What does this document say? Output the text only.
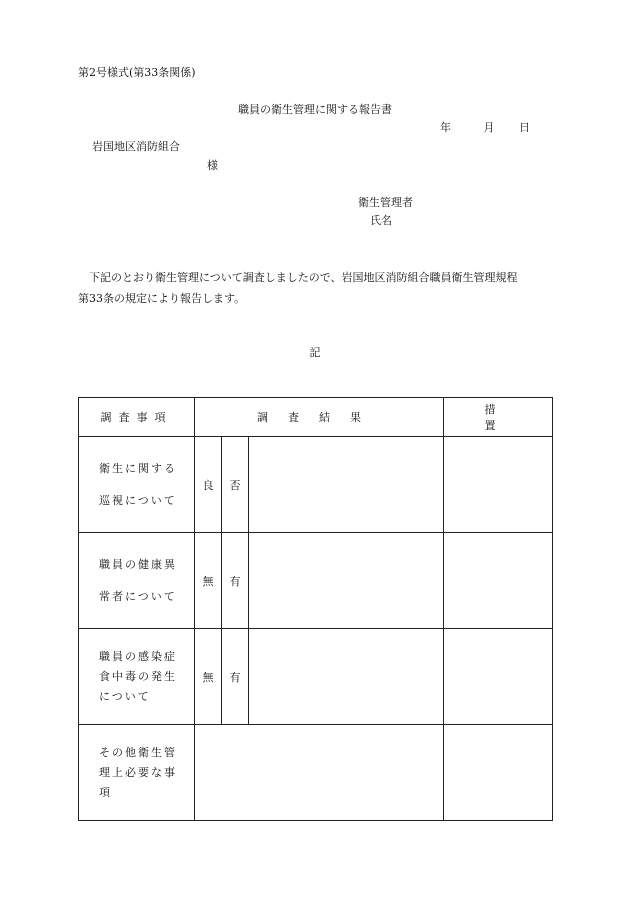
第2号様式(第33条関係)
職員の衛生管理に関する報告書
年	月 日
岩国地区消防組合
様
衛生管理者
氏名
下記のとおり衛生管理について調査しましたので、岩国地区消防組合職員衛生管理規程
第33条の規定により報告します。
記
調査事項	調査結果			措置

衛生に関する
巡視について	良	否		

職員の健康異
常者について	無	有		

職員の感染症
食中毒の発生
について	無	有		

その他衛生管
理上必要な事
項				
